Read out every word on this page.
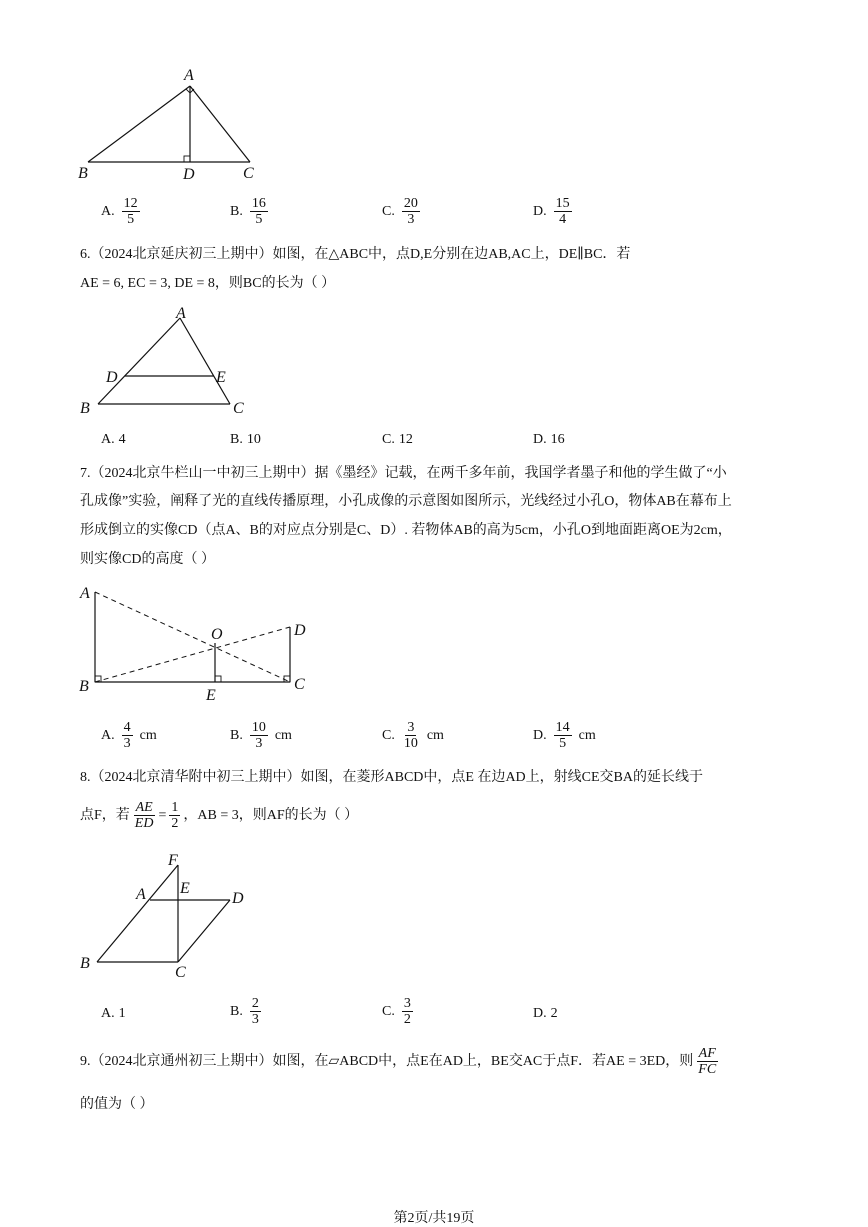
A
B	D	C
A. $\frac{12}{5}$	B. $\frac{16}{5}$	C. $\frac{20}{3}$	D. $\frac{15}{4}$
6.（2024北京延庆初三上期中）如图，在△ABC中，点D,E分别在边AB,AC上，DE∥BC．若
AE = 6, EC = 3, DE = 8，则BC的长为（ ）
A
D	E
B	C
A. 4	B. 10	C. 12	D. 16
7.（2024北京牛栏山一中初三上期中）据《墨经》记载，在两千多年前，我国学者墨子和他的学生做了“小
孔成像”实验，阐释了光的直线传播原理，小孔成像的示意图如图所示，光线经过小孔O，物体AB在幕布上
形成倒立的实像CD（点A、B的对应点分别是C、D）. 若物体AB的高为5cm，小孔O到地面距离OE为2cm，
则实像CD的高度（ ）
A
O	D
B	C
E
A. $\frac{4}{3}$ cm	B. $\frac{10}{3}$ cm	C. $\frac{3}{10}$ cm	D. $\frac{14}{5}$ cm
8.（2024北京清华附中初三上期中）如图，在菱形ABCD中，点E 在边AD上，射线CE交BA的延长线于
点F，若 $\frac{AE}{ED} = \frac{1}{2}$ ，AB = 3，则AF的长为（ ）
F
A E
D
B
C
A. 1	B. $\frac{2}{3}$	C. $\frac{3}{2}$	D. 2
9.（2024北京通州初三上期中）如图，在▱ABCD中，点E在AD上，BE交AC于点F．若AE = 3ED，则 $\frac{AF}{FC}$
的值为（ ）
第2页/共19页
